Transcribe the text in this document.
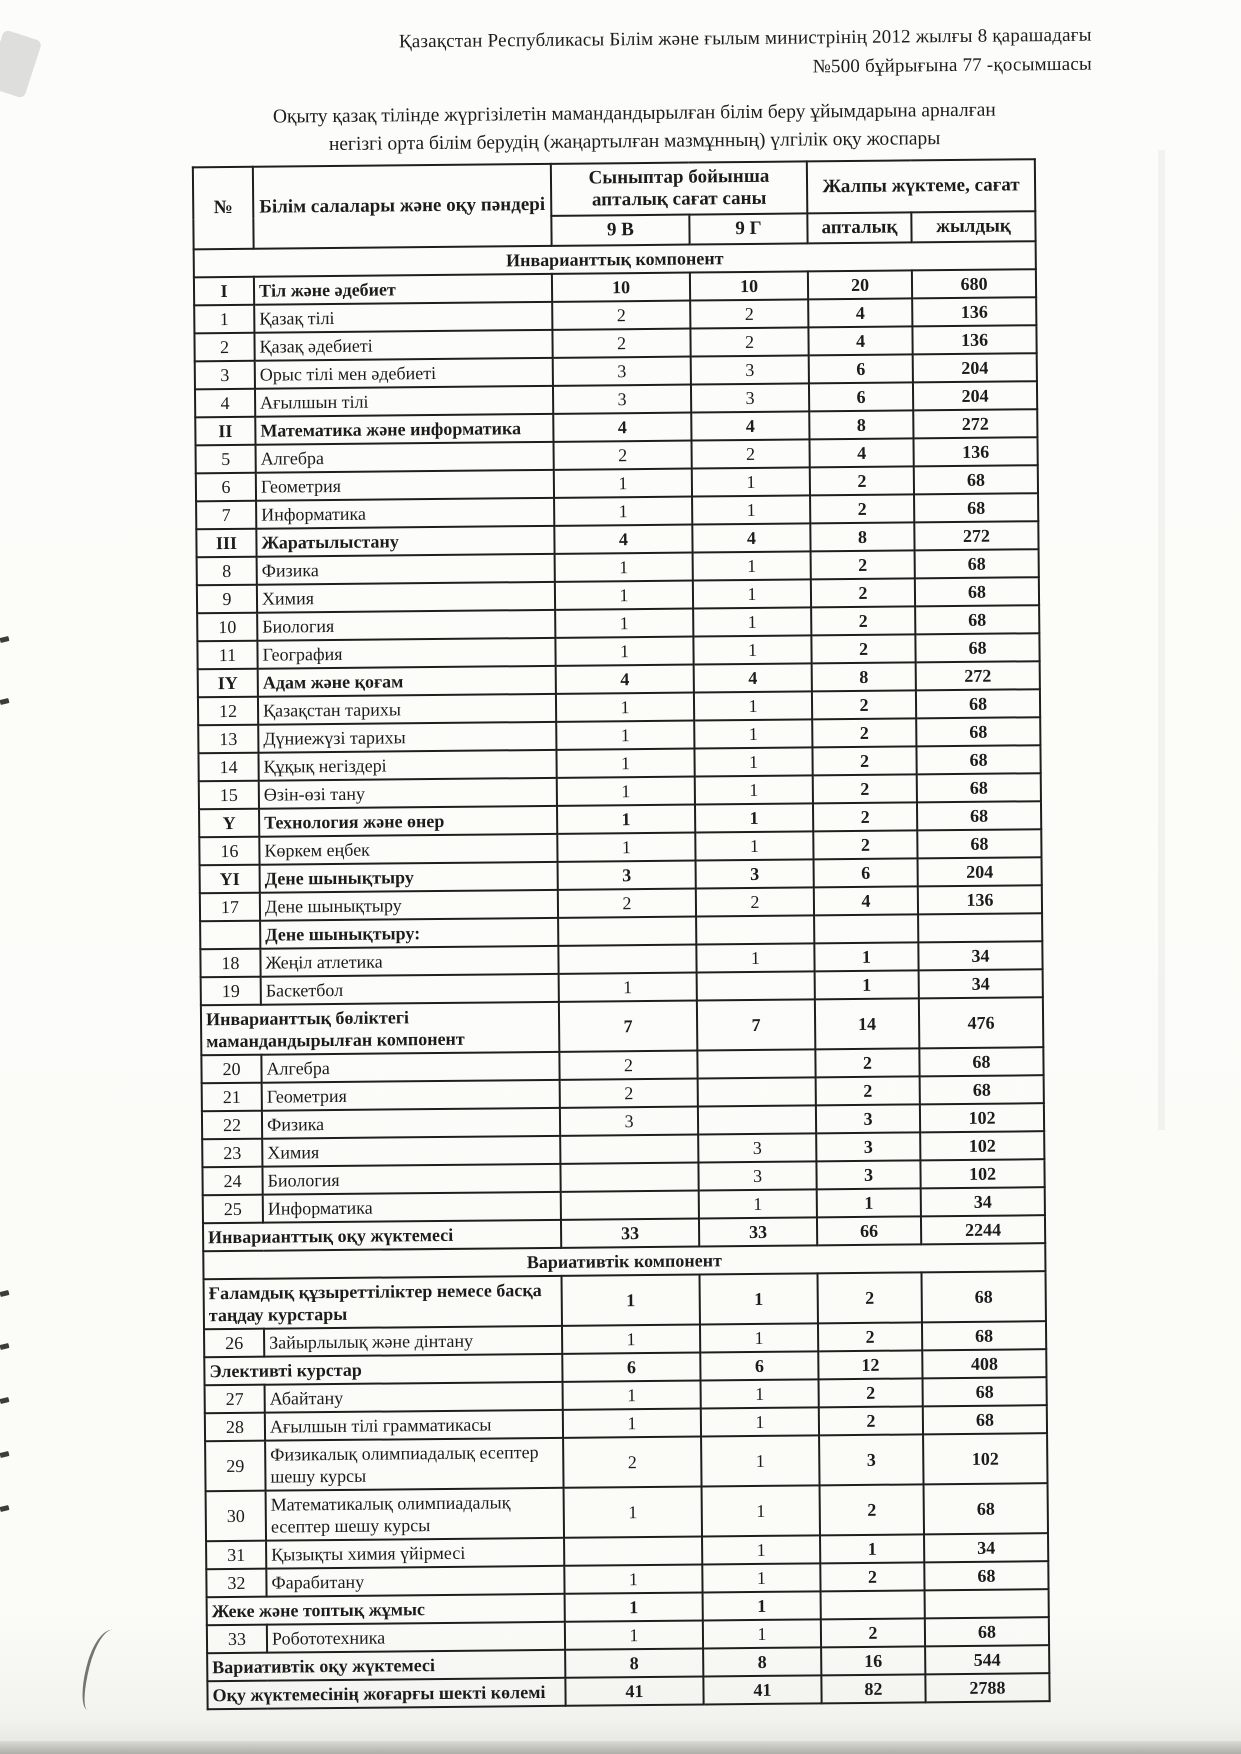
Қазақстан Республикасы Білім және ғылым министрінің 2012 жылғы 8 қарашадағы
№500 бұйрығына 77 -қосымшасы
Оқыту қазақ тілінде жүргізілетін мамандандырылған білім беру ұйымдарына арналған
негізгі орта білім берудің (жаңартылған мазмұнның) үлгілік оқу жоспары
№	Білім салалары және оқу пәндері	Сыныптар бойынша апталық сағат саны		Жалпы жүктеме, сағат	
		9 В	9 Г	апталық	жылдық
Инварианттық компонент					
I	Тіл және әдебиет	10	10	20	680
1	Қазақ тілі	2	2	4	136
2	Қазақ әдебиеті	2	2	4	136
3	Орыс тілі мен әдебиеті	3	3	6	204
4	Ағылшын тілі	3	3	6	204
II	Математика және информатика	4	4	8	272
5	Алгебра	2	2	4	136
6	Геометрия	1	1	2	68
7	Информатика	1	1	2	68
III	Жаратылыстану	4	4	8	272
8	Физика	1	1	2	68
9	Химия	1	1	2	68
10	Биология	1	1	2	68
11	География	1	1	2	68
IY	Адам және қоғам	4	4	8	272
12	Қазақстан тарихы	1	1	2	68
13	Дүниежүзі тарихы	1	1	2	68
14	Құқық негіздері	1	1	2	68
15	Өзін-өзі тану	1	1	2	68
Y	Технология және өнер	1	1	2	68
16	Көркем еңбек	1	1	2	68
YI	Дене шынықтыру	3	3	6	204
17	Дене шынықтыру	2	2	4	136
	Дене шынықтыру:				
18	Жеңіл атлетика		1	1	34
19	Баскетбол	1		1	34
Инварианттық бөліктегі мамандандырылған компонент		7	7	14	476
20	Алгебра	2		2	68
21	Геометрия	2		2	68
22	Физика	3		3	102
23	Химия		3	3	102
24	Биология		3	3	102
25	Информатика		1	1	34
Инварианттық оқу жүктемесі		33	33	66	2244
Вариативтік компонент					
Ғаламдық құзыреттіліктер немесе басқа таңдау курстары		1	1	2	68
26	Зайырлылық және дінтану	1	1	2	68
Элективті курстар		6	6	12	408
27	Абайтану	1	1	2	68
28	Ағылшын тілі грамматикасы	1	1	2	68
29	Физикалық олимпиадалық есептер шешу курсы	2	1	3	102
30	Математикалық олимпиадалық есептер шешу курсы	1	1	2	68
31	Қызықты химия үйірмесі		1	1	34
32	Фарабитану	1	1	2	68
Жеке және топтық жұмыс		1	1		
33	Робототехника	1	1	2	68
Вариативтік оқу жүктемесі		8	8	16	544
Оқу жүктемесінің жоғарғы шекті көлемі		41	41	82	2788
